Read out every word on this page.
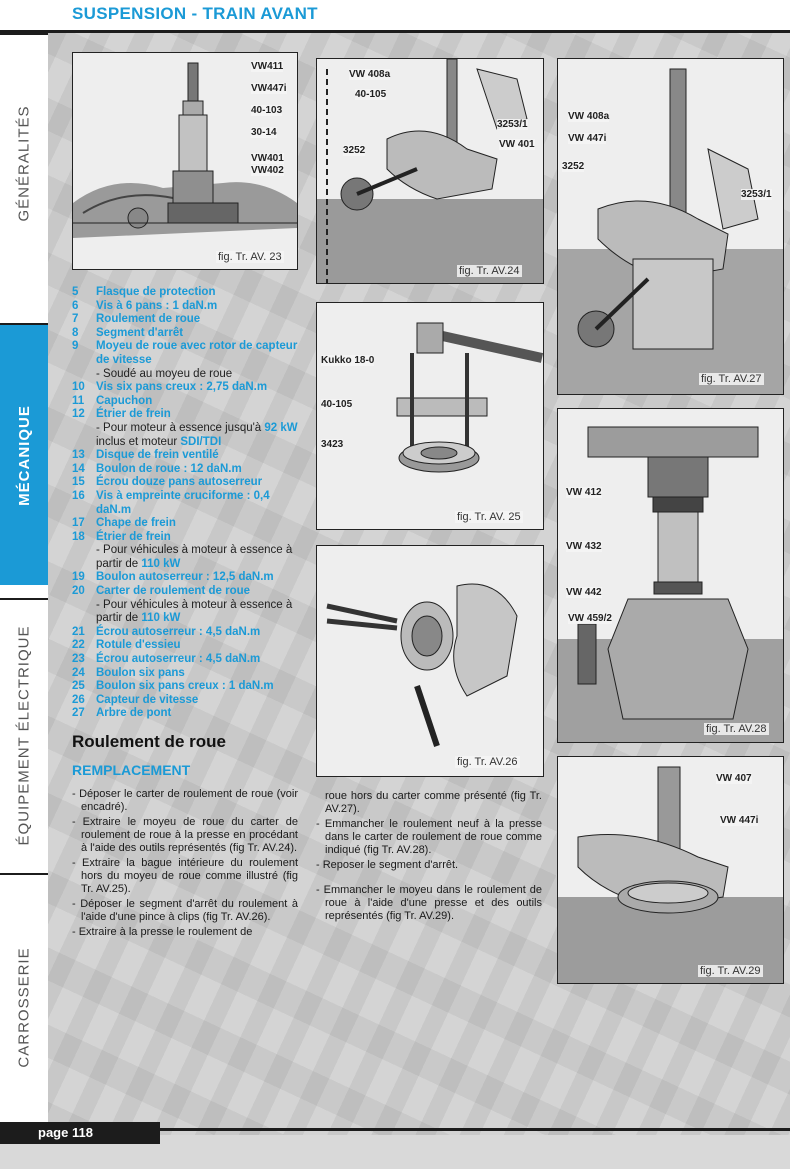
SUSPENSION - TRAIN AVANT
GÉNÉRALITÉS
MÉCANIQUE
ÉQUIPEMENT ÉLECTRIQUE
CARROSSERIE
VW411
VW447i
40-103
30-14
VW401
VW402
fig. Tr. AV. 23
VW 408a
40-105
3253/1
VW 401
3252
fig. Tr. AV.24
VW 408a
VW 447i
3252
3253/1
fig. Tr. AV.27
Kukko 18-0
40-105
3423
fig. Tr. AV. 25
VW 412
VW 432
VW 442
VW 459/2
fig. Tr. AV.28
fig. Tr. AV.26
VW 407
VW 447i
fig. Tr. AV.29
5	Flasque de protection
6	Vis à 6 pans : 1 daN.m
7	Roulement de roue
8	Segment d'arrêt
9	Moyeu de roue avec rotor de capteur de vitesse
- Soudé au moyeu de roue
10 Vis six pans creux : 2,75 daN.m
11	Capuchon
12 Étrier de frein
- Pour moteur à essence jusqu'à 92 kW inclus et moteur SDI/TDI
13 Disque de frein ventilé
14 Boulon de roue : 12 daN.m
15 Écrou douze pans autoserreur
16 Vis à empreinte cruciforme : 0,4 daN.m
17 Chape de frein
18 Étrier de frein
- Pour véhicules à moteur à essence à partir de 110 kW
19 Boulon autoserreur : 12,5 daN.m
20 Carter de roulement de roue
- Pour véhicules à moteur à essence à partir de 110 kW
21 Écrou autoserreur : 4,5 daN.m
22 Rotule d'essieu
23 Écrou autoserreur : 4,5 daN.m
24 Boulon six pans
25 Boulon six pans creux : 1 daN.m
26 Capteur de vitesse
27 Arbre de pont
Roulement de roue
REMPLACEMENT

- Déposer le carter de roulement de roue (voir encadré).

- Extraire le moyeu de roue du carter de roulement de roue à la presse en procédant à l'aide des outils représentés (fig Tr. AV.24).

- Extraire la bague intérieure du roulement hors du moyeu de roue comme illustré (fig Tr. AV.25).

- Déposer le segment d'arrêt du roulement à l'aide d'une pince à clips (fig Tr. AV.26).

- Extraire à la presse le roulement de

roue hors du carter comme présenté (fig Tr. AV.27).

- Emmancher le roulement neuf à la presse dans le carter de roulement de roue comme indiqué (fig Tr. AV.28).

- Reposer le segment d'arrêt.

- Emmancher le moyeu dans le roulement de roue à l'aide d'une presse et des outils représentés (fig Tr. AV.29).

page 118
